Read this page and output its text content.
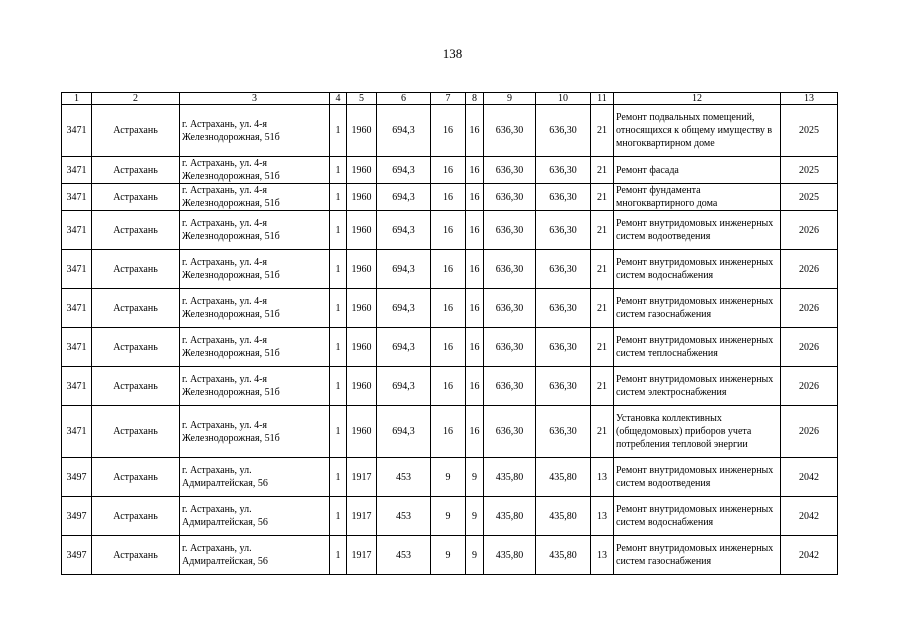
138
1	2	3	4	5	6	7	8	9	10	11	12	13
3471	Астрахань	г. Астрахань, ул. 4-я Железнодорожная, 51б	1	1960	694,3	16	16	636,30	636,30	21	Ремонт подвальных помещений, относящихся к общему имуществу в многоквартирном доме	2025
3471	Астрахань	г. Астрахань, ул. 4-я Железнодорожная, 51б	1	1960	694,3	16	16	636,30	636,30	21	Ремонт фасада	2025
3471	Астрахань	г. Астрахань, ул. 4-я Железнодорожная, 51б	1	1960	694,3	16	16	636,30	636,30	21	Ремонт фундамента многоквартирного дома	2025
3471	Астрахань	г. Астрахань, ул. 4-я Железнодорожная, 51б	1	1960	694,3	16	16	636,30	636,30	21	Ремонт внутридомовых инженерных систем водоотведения	2026
3471	Астрахань	г. Астрахань, ул. 4-я Железнодорожная, 51б	1	1960	694,3	16	16	636,30	636,30	21	Ремонт внутридомовых инженерных систем водоснабжения	2026
3471	Астрахань	г. Астрахань, ул. 4-я Железнодорожная, 51б	1	1960	694,3	16	16	636,30	636,30	21	Ремонт внутридомовых инженерных систем газоснабжения	2026
3471	Астрахань	г. Астрахань, ул. 4-я Железнодорожная, 51б	1	1960	694,3	16	16	636,30	636,30	21	Ремонт внутридомовых инженерных систем теплоснабжения	2026
3471	Астрахань	г. Астрахань, ул. 4-я Железнодорожная, 51б	1	1960	694,3	16	16	636,30	636,30	21	Ремонт внутридомовых инженерных систем электроснабжения	2026
3471	Астрахань	г. Астрахань, ул. 4-я Железнодорожная, 51б	1	1960	694,3	16	16	636,30	636,30	21	Установка коллективных (общедомовых) приборов учета потребления тепловой энергии	2026
3497	Астрахань	г. Астрахань, ул. Адмиралтейская, 56	1	1917	453	9	9	435,80	435,80	13	Ремонт внутридомовых инженерных систем водоотведения	2042
3497	Астрахань	г. Астрахань, ул. Адмиралтейская, 56	1	1917	453	9	9	435,80	435,80	13	Ремонт внутридомовых инженерных систем водоснабжения	2042
3497	Астрахань	г. Астрахань, ул. Адмиралтейская, 56	1	1917	453	9	9	435,80	435,80	13	Ремонт внутридомовых инженерных систем газоснабжения	2042
